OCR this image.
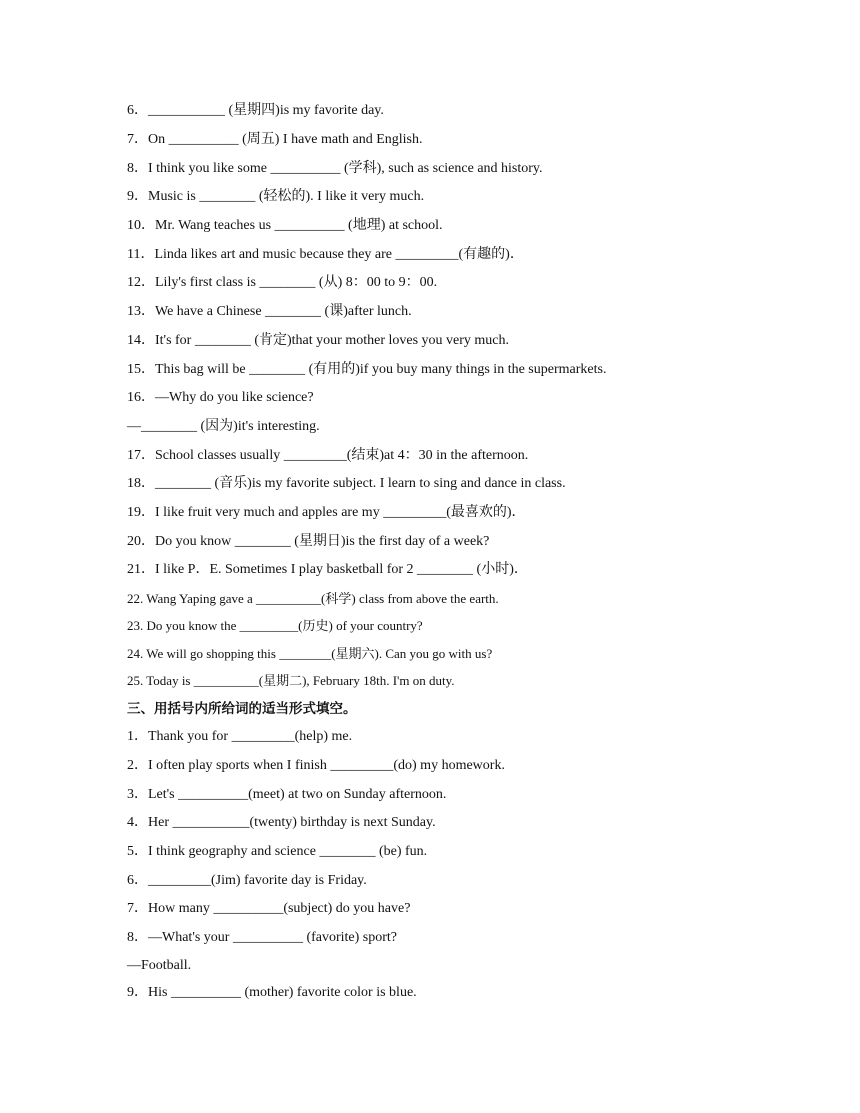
6．___________ (星期四)is my favorite day.
7．On __________ (周五) I have math and English.
8．I think you like some __________ (学科), such as science and history.
9．Music is ________ (轻松的). I like it very much.
10．Mr. Wang teaches us __________ (地理) at school.
11．Linda likes art and music because they are _________(有趣的)．
12．Lily's first class is ________ (从) 8：00 to 9：00.
13．We have a Chinese ________ (课)after lunch.
14．It's for ________ (肯定)that your mother loves you very much.
15．This bag will be ________ (有用的)if you buy many things in the supermarkets.
16．—Why do you like science?
—________ (因为)it's interesting.
17．School classes usually _________(结束)at 4：30 in the afternoon.
18．________ (音乐)is my favorite subject. I learn to sing and dance in class.
19．I like fruit very much and apples are my _________(最喜欢的)．
20．Do you know ________ (星期日)is the first day of a week?
21．I like P．E. Sometimes I play basketball for 2 ________ (小时)．
22. Wang Yaping gave a __________(科学) class from above the earth.
23. Do you know the _________(历史) of your country?
24. We will go shopping this ________(星期六). Can you go with us?
25. Today is __________(星期二), February 18th. I'm on duty.
三、用括号内所给词的适当形式填空。
1．Thank you for _________(help) me.
2．I often play sports when I finish _________(do) my homework.
3．Let's __________(meet) at two on Sunday afternoon.
4．Her ___________(twenty) birthday is next Sunday.
5．I think geography and science ________ (be) fun.
6．_________(Jim) favorite day is Friday.
7．How many __________(subject) do you have?
8．—What's your __________ (favorite) sport?
—Football.
9．His __________ (mother) favorite color is blue.
